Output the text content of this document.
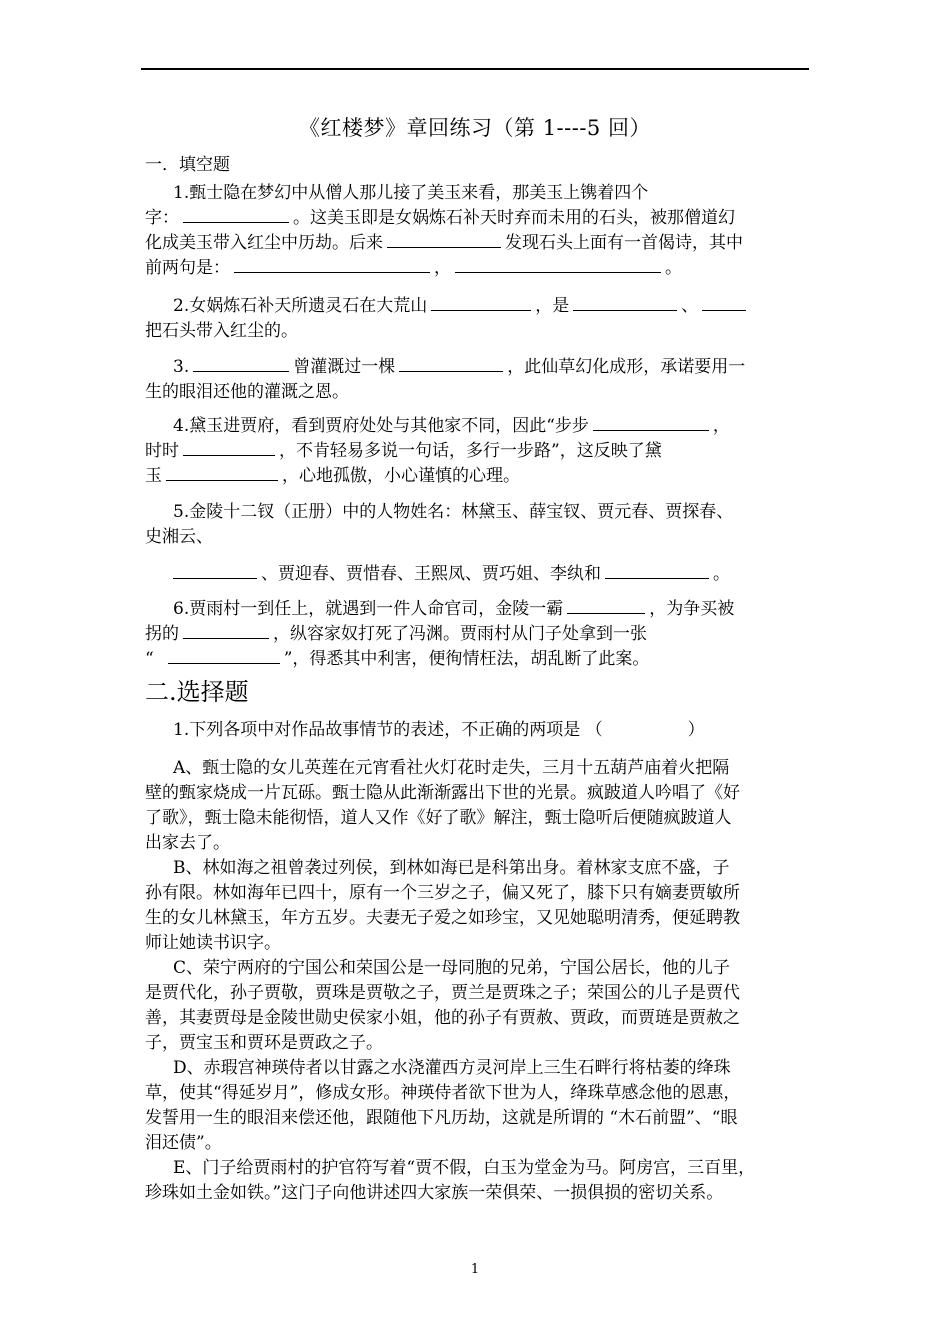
《红楼梦》章回练习（第 1----5 回）
一．填空题
1.甄士隐在梦幻中从僧人那儿接了美玉来看，那美玉上镌着四个
字：	。这美玉即是女娲炼石补天时弃而未用的石头，被那僧道幻
化成美玉带入红尘中历劫。后来	发现石头上面有一首偈诗，其中
前两句是：	，	。
2.女娲炼石补天所遗灵石在大荒山	，是	、
把石头带入红尘的。
3.	曾灌溉过一棵	，此仙草幻化成形，承诺要用一
生的眼泪还他的灌溉之恩。
4.黛玉进贾府，看到贾府处处与其他家不同，因此“步步	，
时时	，不肯轻易多说一句话，多行一步路”，这反映了黛
玉	，心地孤傲，小心谨慎的心理。
5.金陵十二钗（正册）中的人物姓名：林黛玉、薛宝钗、贾元春、贾探春、
史湘云、
、贾迎春、贾惜春、王熙凤、贾巧姐、李纨和	。
6.贾雨村一到任上，就遇到一件人命官司，金陵一霸	，为争买被
拐的	，纵容家奴打死了冯渊。贾雨村从门子处拿到一张
“	”，得悉其中利害，便徇情枉法，胡乱断了此案。
二.选择题
1.下列各项中对作品故事情节的表述，不正确的两项是 （　　　　　）
A、甄士隐的女儿英莲在元宵看社火灯花时走失，三月十五葫芦庙着火把隔
壁的甄家烧成一片瓦砾。甄士隐从此渐渐露出下世的光景。疯跛道人吟唱了《好
了歌》，甄士隐未能彻悟，道人又作《好了歌》解注，甄士隐听后便随疯跛道人
出家去了。
B、林如海之祖曾袭过列侯，到林如海已是科第出身。着林家支庶不盛，子
孙有限。林如海年已四十，原有一个三岁之子，偏又死了，膝下只有嫡妻贾敏所
生的女儿林黛玉，年方五岁。夫妻无子爱之如珍宝，又见她聪明清秀，便延聘教
师让她读书识字。
C、荣宁两府的宁国公和荣国公是一母同胞的兄弟，宁国公居长，他的儿子
是贾代化，孙子贾敬，贾珠是贾敬之子，贾兰是贾珠之子；荣国公的儿子是贾代
善，其妻贾母是金陵世勋史侯家小姐，他的孙子有贾赦、贾政，而贾琏是贾赦之
子，贾宝玉和贾环是贾政之子。
D、赤瑕宫神瑛侍者以甘露之水浇灌西方灵河岸上三生石畔行将枯萎的绛珠
草，使其“得延岁月”，修成女形。神瑛侍者欲下世为人，绛珠草感念他的恩惠，
发誓用一生的眼泪来偿还他，跟随他下凡历劫，这就是所谓的 “木石前盟”、“眼
泪还债”。
E、门子给贾雨村的护官符写着“贾不假，白玉为堂金为马。阿房宫，三百里，
珍珠如土金如铁。”这门子向他讲述四大家族一荣俱荣、一损俱损的密切关系。
1
